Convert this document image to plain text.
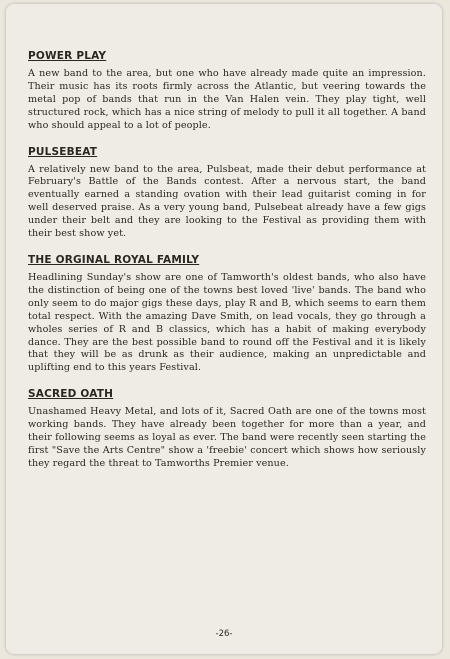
POWER PLAY

A new band to the area, but one who have already made quite an impression. Their music has its roots firmly across the Atlantic, but veering towards the metal pop of bands that run in the Van Halen vein. They play tight, well structured rock, which has a nice string of melody to pull it all together. A band who should appeal to a lot of people.

PULSEBEAT

A relatively new band to the area, Pulsbeat, made their debut performance at February's Battle of the Bands contest. After a nervous start, the band eventually earned a standing ovation with their lead guitarist coming in for well deserved praise. As a very young band, Pulsebeat already have a few gigs under their belt and they are looking to the Festival as providing them with their best show yet.

THE ORGINAL ROYAL FAMILY

Headlining Sunday's show are one of Tamworth's oldest bands, who also have the distinction of being one of the towns best loved 'live' bands. The band who only seem to do major gigs these days, play R and B, which seems to earn them total respect. With the amazing Dave Smith, on lead vocals, they go through a wholes series of R and B classics, which has a habit of making everybody dance. They are the best possible band to round off the Festival and it is likely that they will be as drunk as their audience, making an unpredictable and uplifting end to this years Festival.

SACRED OATH

Unashamed Heavy Metal, and lots of it, Sacred Oath are one of the towns most working bands. They have already been together for more than a year, and their following seems as loyal as ever. The band were recently seen starting the first "Save the Arts Centre" show a 'freebie' concert which shows how seriously they regard the threat to Tamworths Premier venue.

-26-
